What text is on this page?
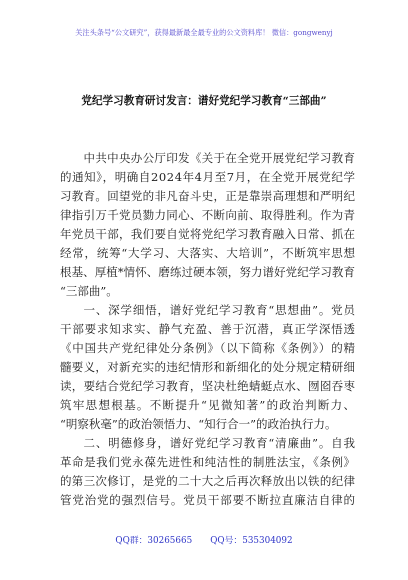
关注头条号“公文研究”，获得最新最全最专业的公文资料库！ 微信：gongwenyj
党纪学习教育研讨发言：谱好党纪学习教育“三部曲”
中共中央办公厅印发《关于在全党开展党纪学习教育
的通知》，明确自2024年4月至7月，在全党开展党纪学
习教育。回望党的非凡奋斗史，正是靠崇高理想和严明纪
律指引万千党员勠力同心、不断向前、取得胜利。作为青
年党员干部，我们要自觉将党纪学习教育融入日常、抓在
经常，统筹“大学习、大落实、大培训”，不断筑牢思想
根基、厚植*情怀、磨练过硬本领，努力谱好党纪学习教育
“三部曲”。
一、深学细悟，谱好党纪学习教育“思想曲”。党员
干部要求知求实、静气充盈、善于沉潜，真正学深悟透
《中国共产党纪律处分条例》（以下简称《条例》）的精
髓要义，对新充实的违纪情形和新细化的处分规定精研细
读，要结合党纪学习教育，坚决杜绝蜻蜓点水、囫囵吞枣
筑牢思想根基。不断提升“见微知著”的政治判断力、
“明察秋毫”的政治领悟力、“知行合一”的政治执行力。
二、明德修身，谱好党纪学习教育“清廉曲”。自我
革命是我们党永葆先进性和纯洁性的制胜法宝，《条例》
的第三次修订，是党的二十大之后再次释放出以铁的纪律
管党治党的强烈信号。党员干部要不断拉直廉洁自律的
QQ群：30265665 QQ号：535304092
